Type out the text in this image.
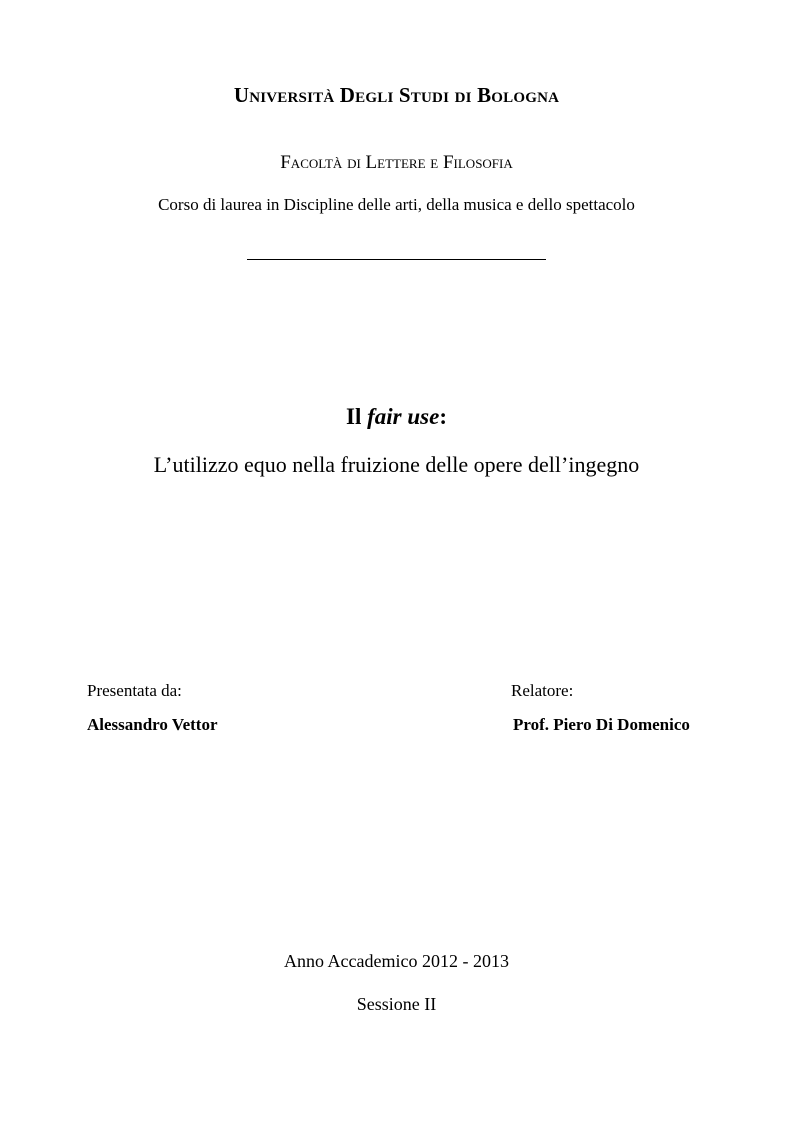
Università Degli Studi di Bologna
Facoltà di Lettere e Filosofia
Corso di laurea in Discipline delle arti, della musica e dello spettacolo
Il fair use:
L’utilizzo equo nella fruizione delle opere dell’ingegno
Presentata da:
Alessandro Vettor
Relatore:
Prof. Piero Di Domenico
Anno Accademico 2012 - 2013
Sessione II
